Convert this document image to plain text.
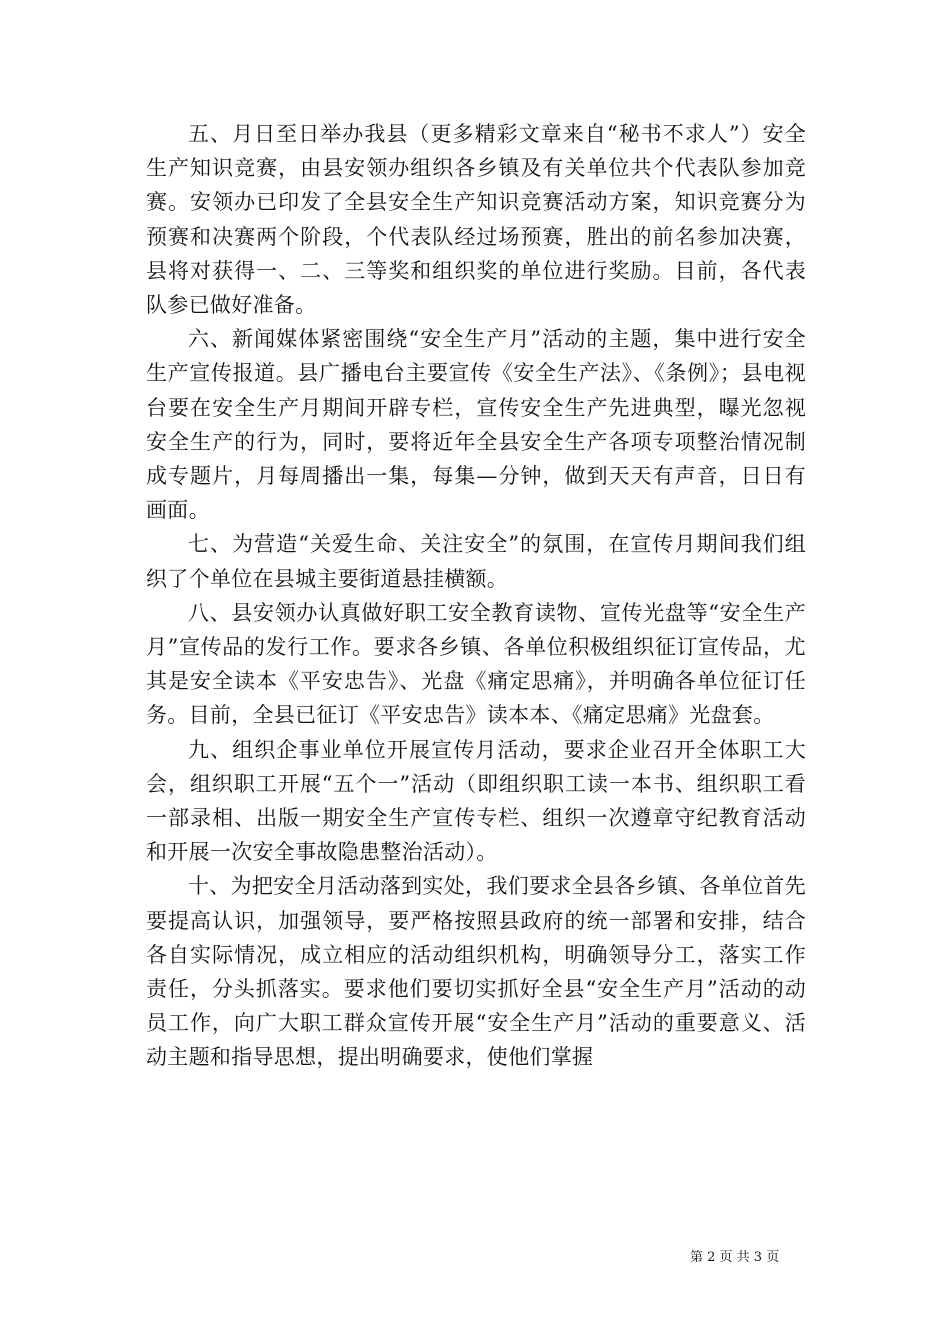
五、月日至日举办我县（更多精彩文章来自“秘书不求人”）安全生产知识竞赛，由县安领办组织各乡镇及有关单位共个代表队参加竞赛。安领办已印发了全县安全生产知识竞赛活动方案，知识竞赛分为预赛和决赛两个阶段，个代表队经过场预赛，胜出的前名参加决赛，县将对获得一、二、三等奖和组织奖的单位进行奖励。目前，各代表队参已做好准备。

六、新闻媒体紧密围绕“安全生产月”活动的主题，集中进行安全生产宣传报道。县广播电台主要宣传《安全生产法》、《条例》；县电视台要在安全生产月期间开辟专栏，宣传安全生产先进典型，曝光忽视安全生产的行为，同时，要将近年全县安全生产各项专项整治情况制成专题片，月每周播出一集，每集—分钟，做到天天有声音，日日有画面。

七、为营造“关爱生命、关注安全”的氛围，在宣传月期间我们组织了个单位在县城主要街道悬挂横额。

八、县安领办认真做好职工安全教育读物、宣传光盘等“安全生产月”宣传品的发行工作。要求各乡镇、各单位积极组织征订宣传品，尤其是安全读本《平安忠告》、光盘《痛定思痛》，并明确各单位征订任务。目前，全县已征订《平安忠告》读本本、《痛定思痛》光盘套。

九、组织企事业单位开展宣传月活动，要求企业召开全体职工大会，组织职工开展“五个一”活动（即组织职工读一本书、组织职工看一部录相、出版一期安全生产宣传专栏、组织一次遵章守纪教育活动和开展一次安全事故隐患整治活动）。

十、为把安全月活动落到实处，我们要求全县各乡镇、各单位首先要提高认识，加强领导，要严格按照县政府的统一部署和安排，结合各自实际情况，成立相应的活动组织机构，明确领导分工，落实工作责任，分头抓落实。要求他们要切实抓好全县“安全生产月”活动的动员工作，向广大职工群众宣传开展“安全生产月”活动的重要意义、活动主题和指导思想，提出明确要求，使他们掌握

第 2 页 共 3 页
